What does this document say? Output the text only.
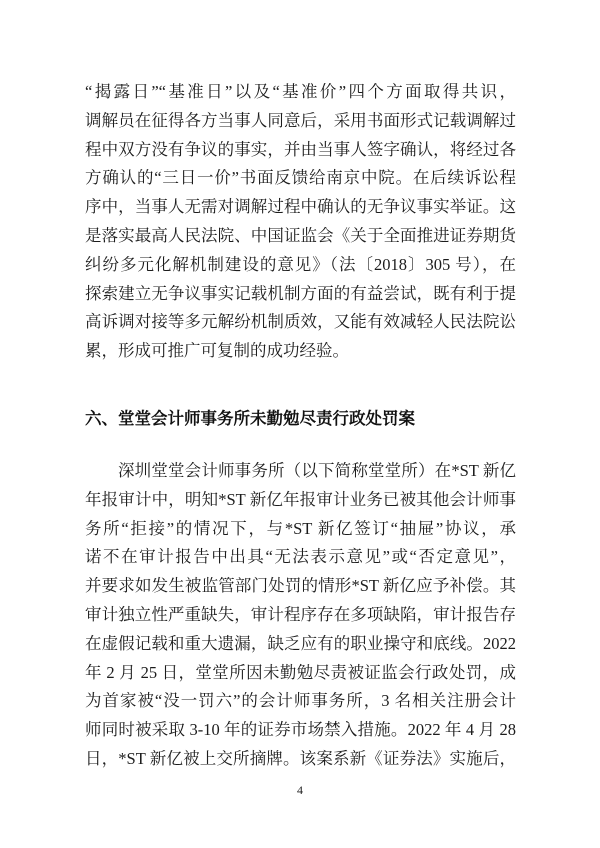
“揭露日”“基准日”以及“基准价”四个方面取得共识，
调解员在征得各方当事人同意后，采用书面形式记载调解过
程中双方没有争议的事实，并由当事人签字确认，将经过各
方确认的“三日一价”书面反馈给南京中院。在后续诉讼程
序中，当事人无需对调解过程中确认的无争议事实举证。这
是落实最高人民法院、中国证监会《关于全面推进证券期货
纠纷多元化解机制建设的意见》（法〔2018〕305 号），在
探索建立无争议事实记载机制方面的有益尝试，既有利于提
高诉调对接等多元解纷机制质效，又能有效减轻人民法院讼
累，形成可推广可复制的成功经验。
六、堂堂会计师事务所未勤勉尽责行政处罚案
深圳堂堂会计师事务所（以下简称堂堂所）在*ST 新亿
年报审计中，明知*ST 新亿年报审计业务已被其他会计师事
务所“拒接”的情况下，与*ST 新亿签订“抽屉”协议，承
诺不在审计报告中出具“无法表示意见”或“否定意见”，
并要求如发生被监管部门处罚的情形*ST 新亿应予补偿。其
审计独立性严重缺失，审计程序存在多项缺陷，审计报告存
在虚假记载和重大遗漏，缺乏应有的职业操守和底线。2022
年 2 月 25 日，堂堂所因未勤勉尽责被证监会行政处罚，成
为首家被“没一罚六”的会计师事务所，3 名相关注册会计
师同时被采取 3-10 年的证券市场禁入措施。2022 年 4 月 28
日，*ST 新亿被上交所摘牌。该案系新《证券法》实施后，
4
